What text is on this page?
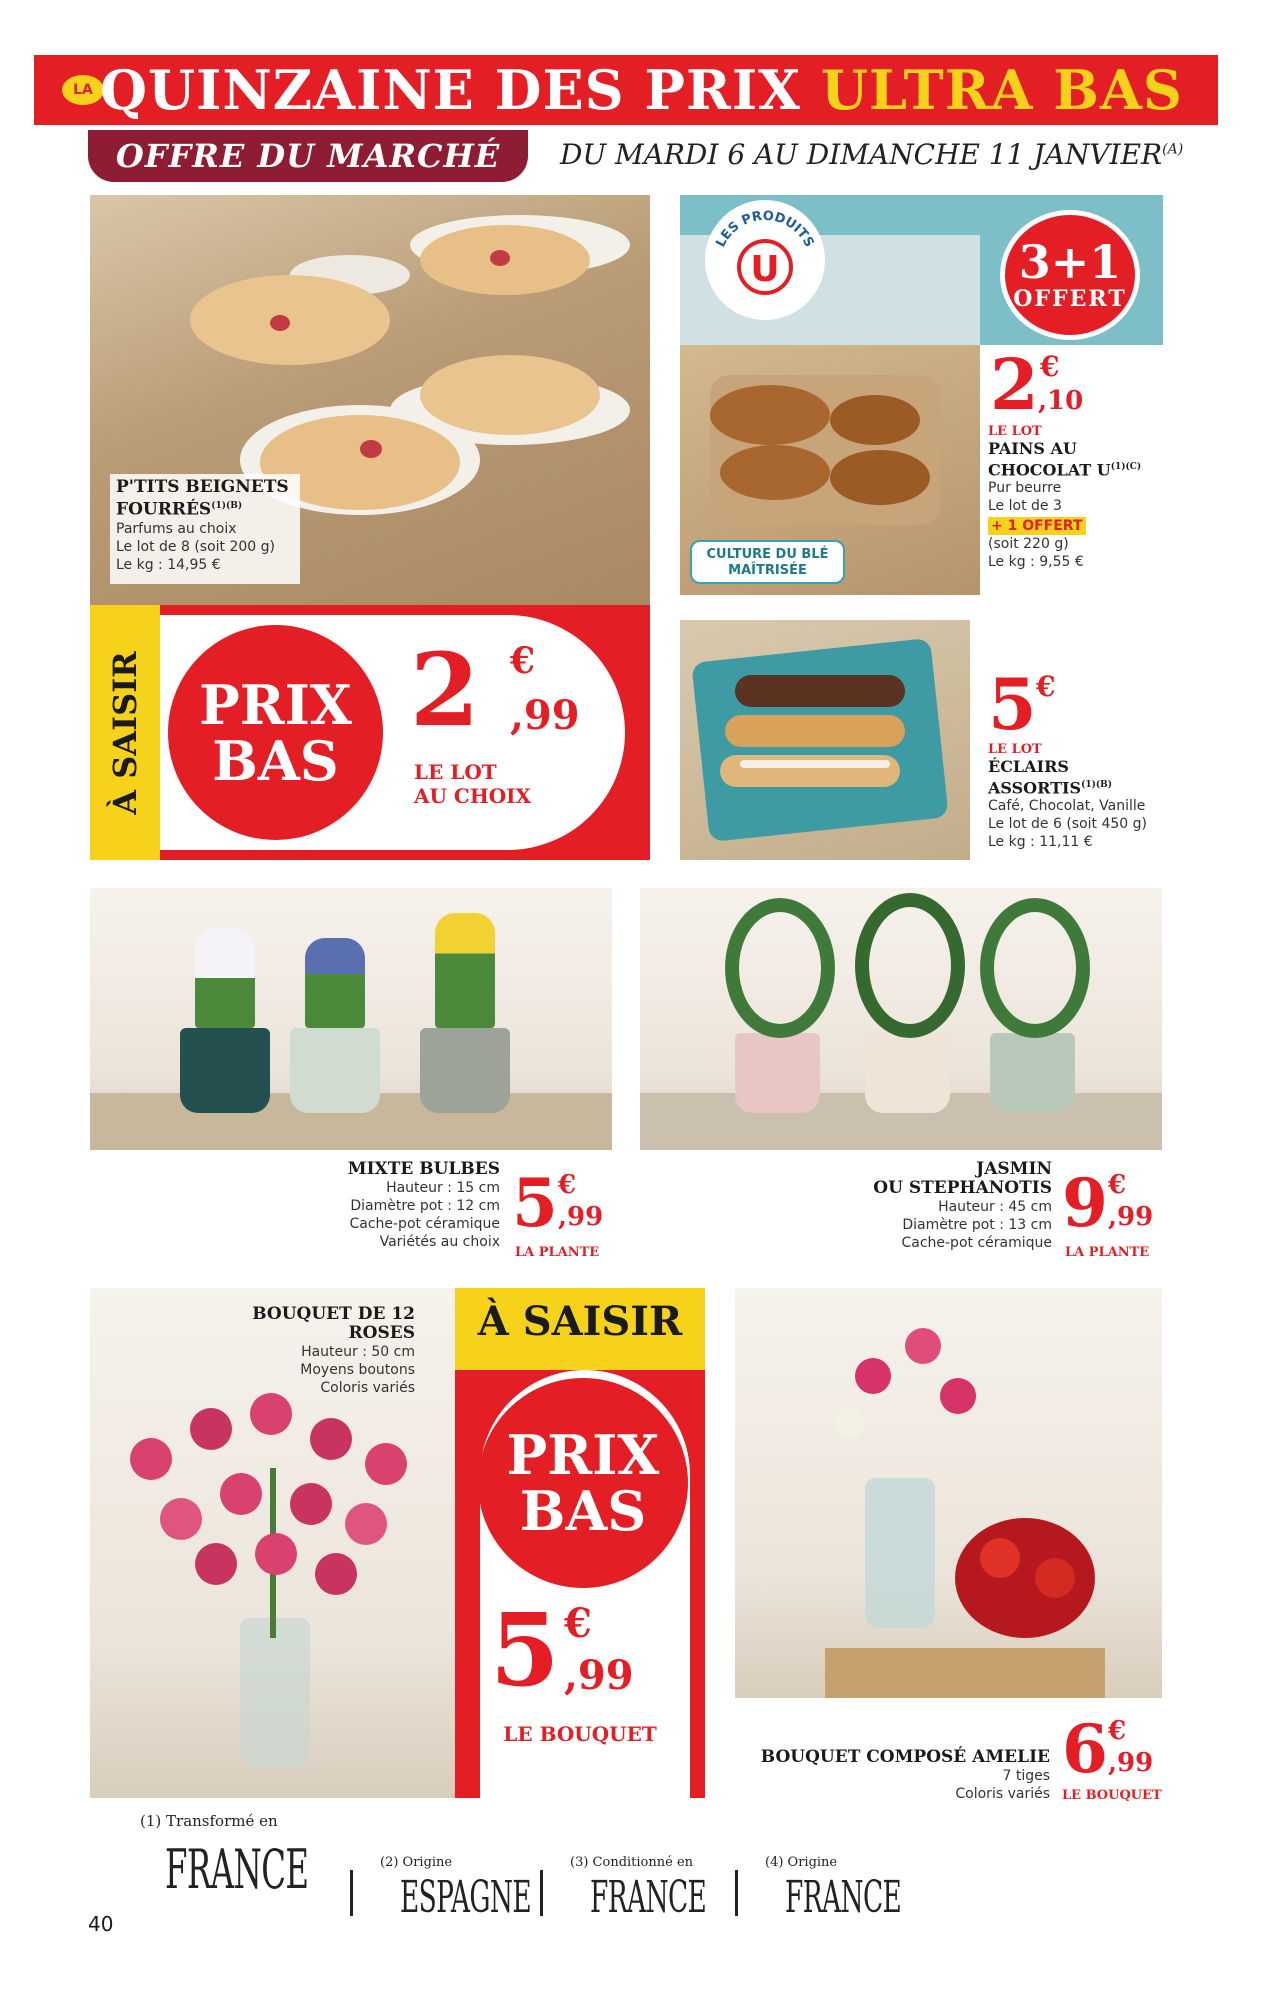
LA QUINZAINE DES PRIX ULTRA BAS
OFFRE DU MARCHÉ	DU MARDI 6 AU DIMANCHE 11 $JANVIER^{(A)}$
P'TITS BEIGNETS
$FOURRÉS^{(1)(B)}$
Parfums au choix
Le lot de 8 (soit 200 g)
Le kg : 14,95 €
À SAISIR PRIX
BAS
2 €
,99
LE LOT
AU CHOIX
LES PRODUITS
U
CULTURE DU BLÉ
MAÎTRISÉE
3+1
OFFERT
2 €
,10
LE LOT
PAINS AU
CHOCOLAT $U^{(1)(C)}$
Pur beurre
Le lot de 3
+ 1 OFFERT
(soit 220 g)
Le kg : 9,55 €
5 €
LE LOT
ÉCLAIRS
$ASSORTIS^{(1)(B)}$
Café, Chocolat, Vanille
Le lot de 6 (soit 450 g)
Le kg : 11,11 €
MIXTE BULBES
Hauteur : 15 cm
Diamètre pot : 12 cm
Cache-pot céramique
Variétés au choix 5 €
,99
LA PLANTE
JASMIN
OU STEPHANOTIS
Hauteur : 45 cm
Diamètre pot : 13 cm
Cache-pot céramique
9 €
,99
LA PLANTE
BOUQUET DE 12 ROSES
Hauteur : 50 cm
Moyens boutons
Coloris variés
À SAISIR
PRIX
BAS
5 €
,99
LE BOUQUET
BOUQUET COMPOSÉ AMELIE
7 tiges
Coloris variés
6 €
,99
LE BOUQUET
40
(1) Transformé en
FRANCE	(2) Origine
ESPAGNE
(3) Conditionné en
FRANCE
(4) Origine
FRANCE
